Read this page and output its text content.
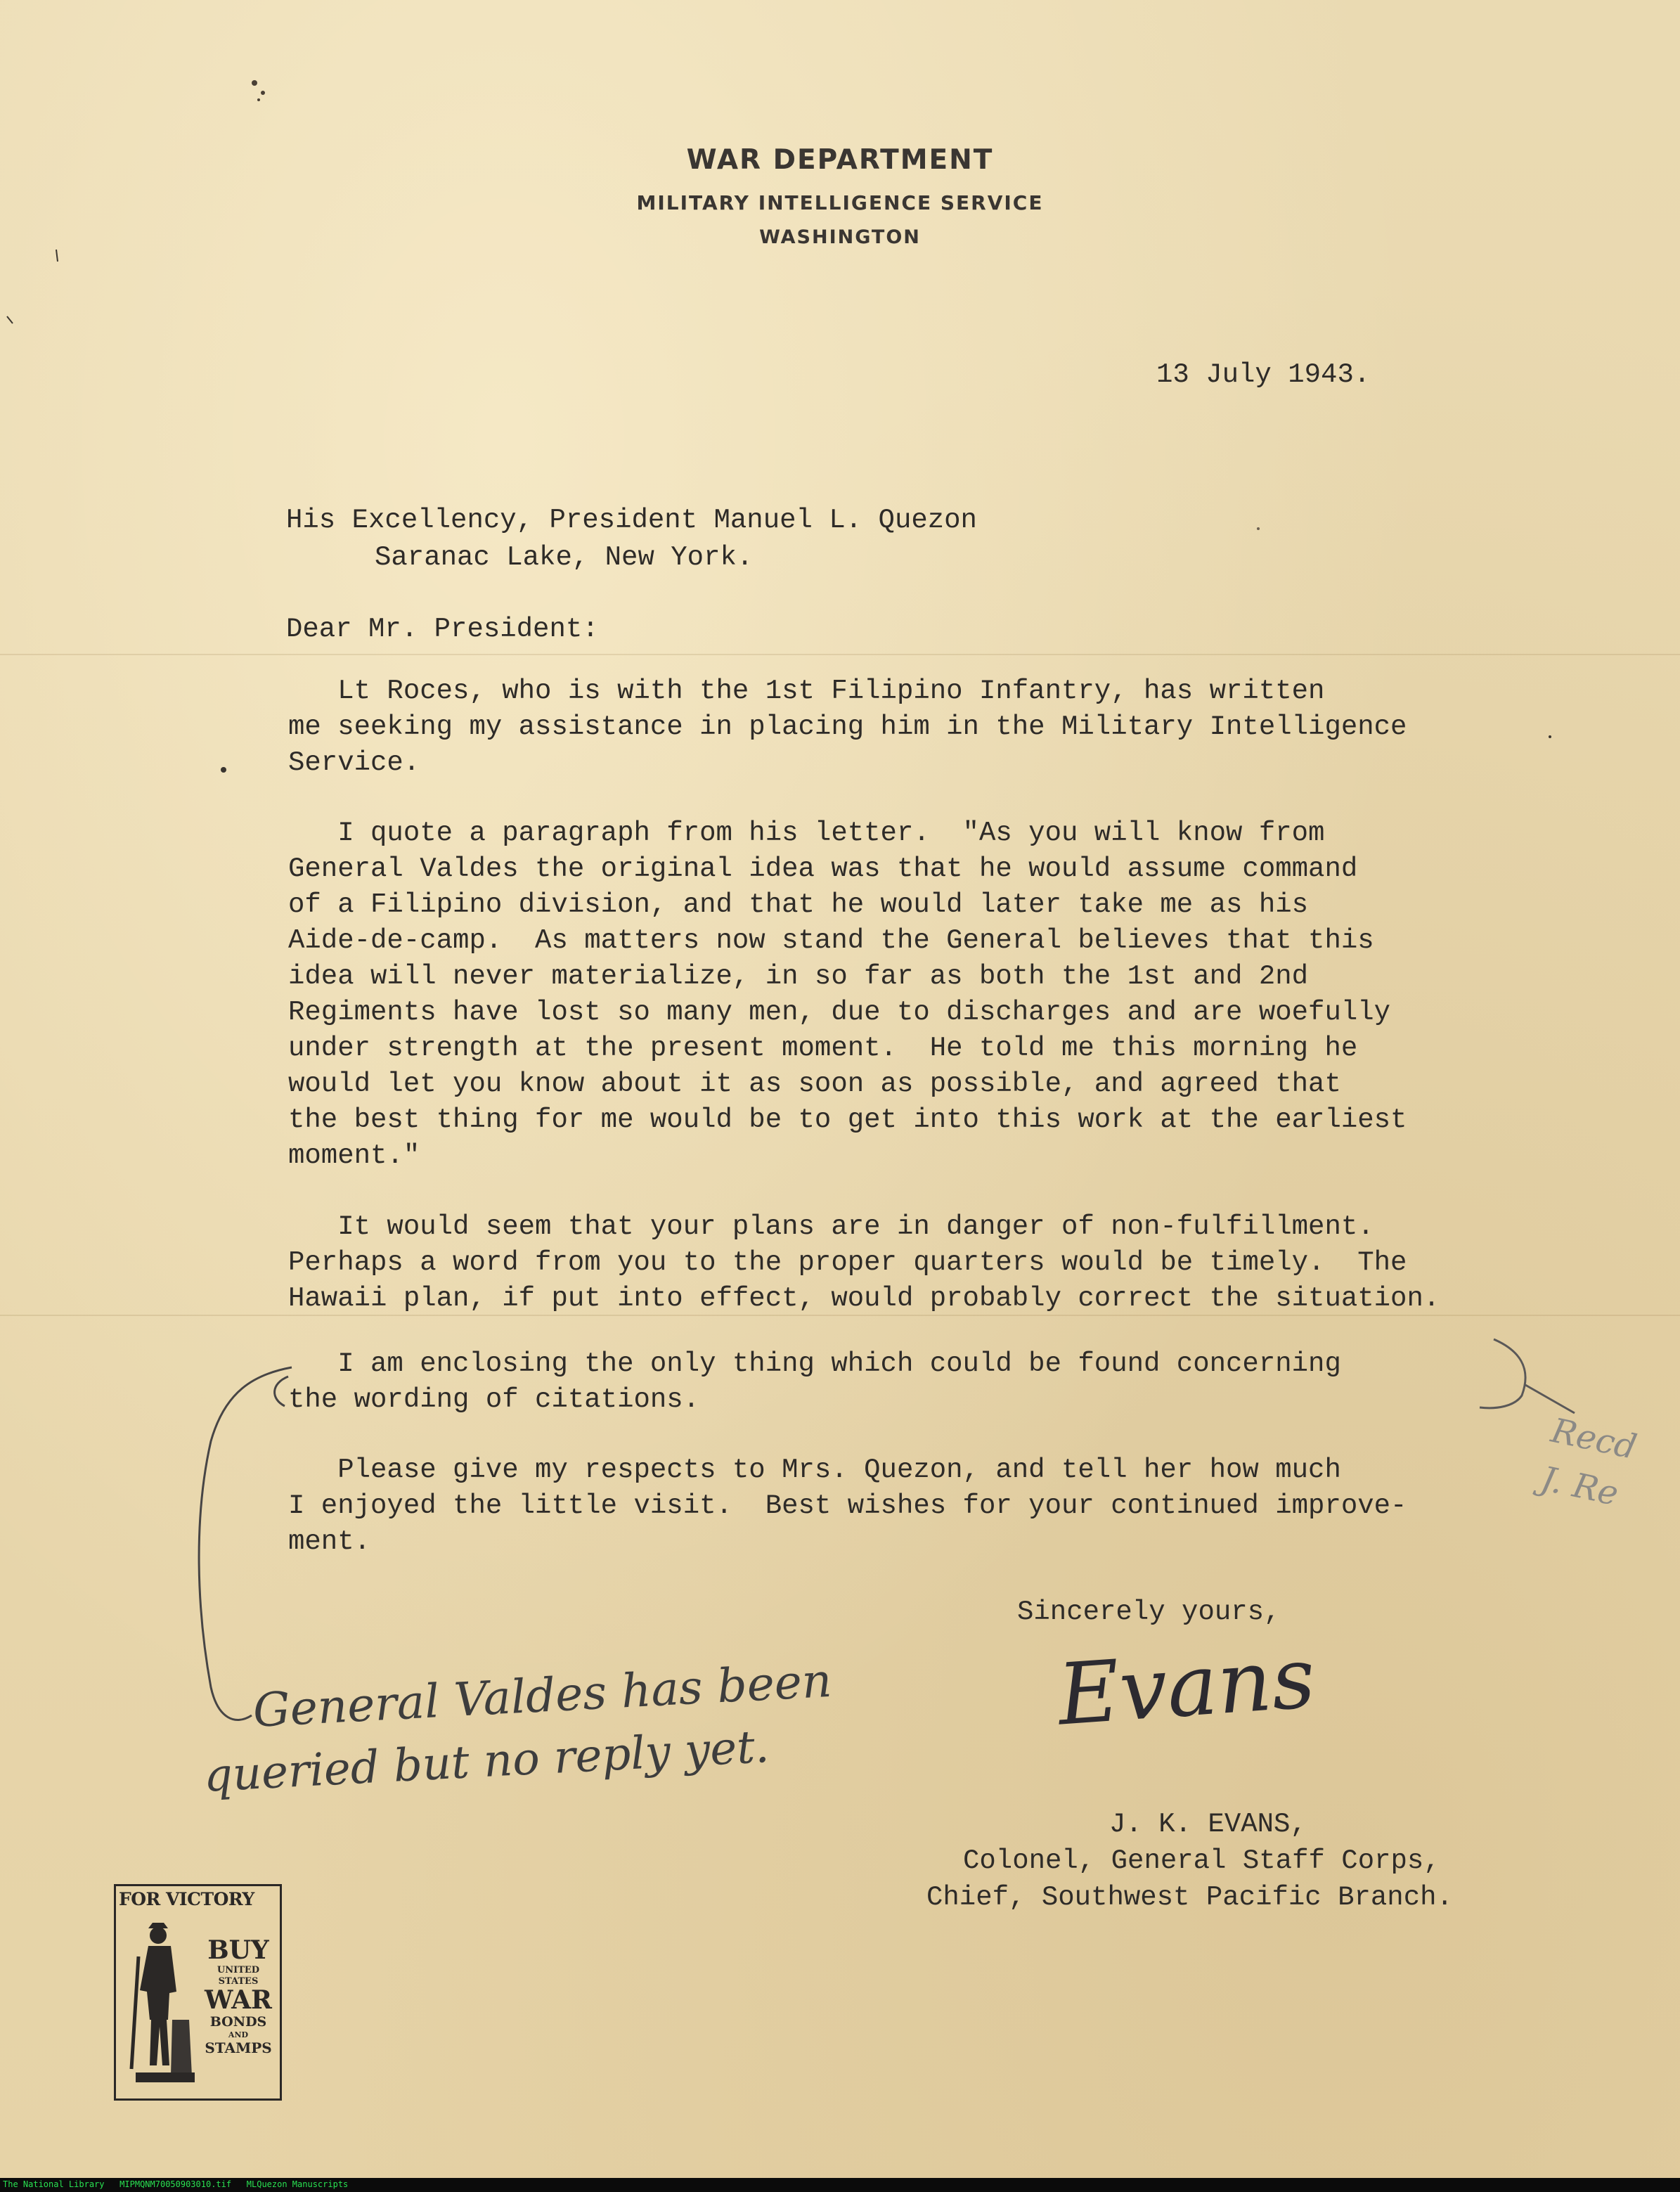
WAR DEPARTMENT
MILITARY INTELLIGENCE SERVICE
WASHINGTON
13 July 1943.
His Excellency, President Manuel L. Quezon
Saranac Lake, New York.
Dear Mr. President:
Lt Roces, who is with the 1st Filipino Infantry, has written
me seeking my assistance in placing him in the Military Intelligence
Service.
I quote a paragraph from his letter.  "As you will know from
General Valdes the original idea was that he would assume command
of a Filipino division, and that he would later take me as his
Aide-de-camp.  As matters now stand the General believes that this
idea will never materialize, in so far as both the 1st and 2nd
Regiments have lost so many men, due to discharges and are woefully
under strength at the present moment.  He told me this morning he
would let you know about it as soon as possible, and agreed that
the best thing for me would be to get into this work at the earliest
moment."
It would seem that your plans are in danger of non-fulfillment.
Perhaps a word from you to the proper quarters would be timely.  The
Hawaii plan, if put into effect, would probably correct the situation.
I am enclosing the only thing which could be found concerning
the wording of citations.
Please give my respects to Mrs. Quezon, and tell her how much
I enjoyed the little visit.  Best wishes for your continued improve-
ment.
Sincerely yours,
Evans
J. K. EVANS,
Colonel, General Staff Corps,
Chief, Southwest Pacific Branch.
General Valdes has been
queried but no reply yet.
Recd
J. Re
FOR VICTORY
BUY
UNITED
STATES
WAR
BONDS
AND
STAMPS
The National Library   MIPMQNM70050903010.tif   MLQuezon Manuscripts
